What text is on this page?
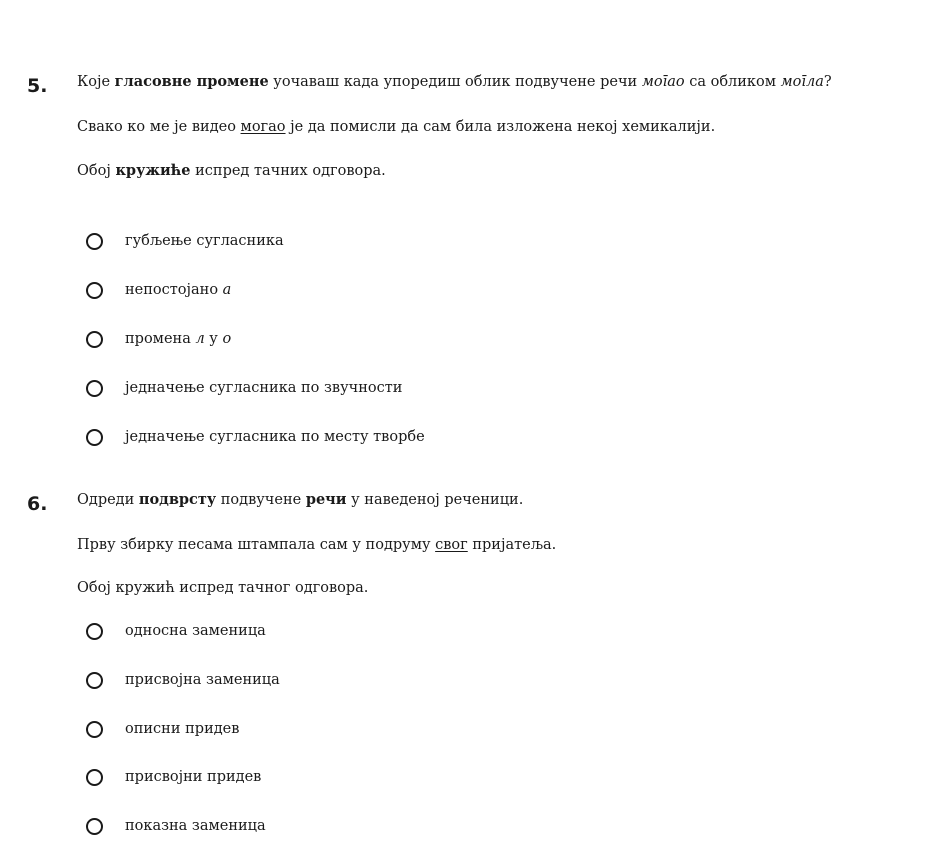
5. Које гласовне промене уочаваш када упоредиш облик подвучене речи моīао са обликом моīла?
Свако ко ме је видео могао је да помисли да сам била изложена некој хемикалији.
Обој кружиће испред тачних одговора.
губљење сугласника
непостојано а
промена л у о
једначење сугласника по звучности
једначење сугласника по месту творбе
6. Одреди подврсту подвучене речи у наведеној реченици.
Прву збирку песама штампала сам у подруму свог пријатеља.
Обој кружић испред тачног одговора.
односна заменица
присвојна заменица
описни придев
присвојни придев
показна заменица
